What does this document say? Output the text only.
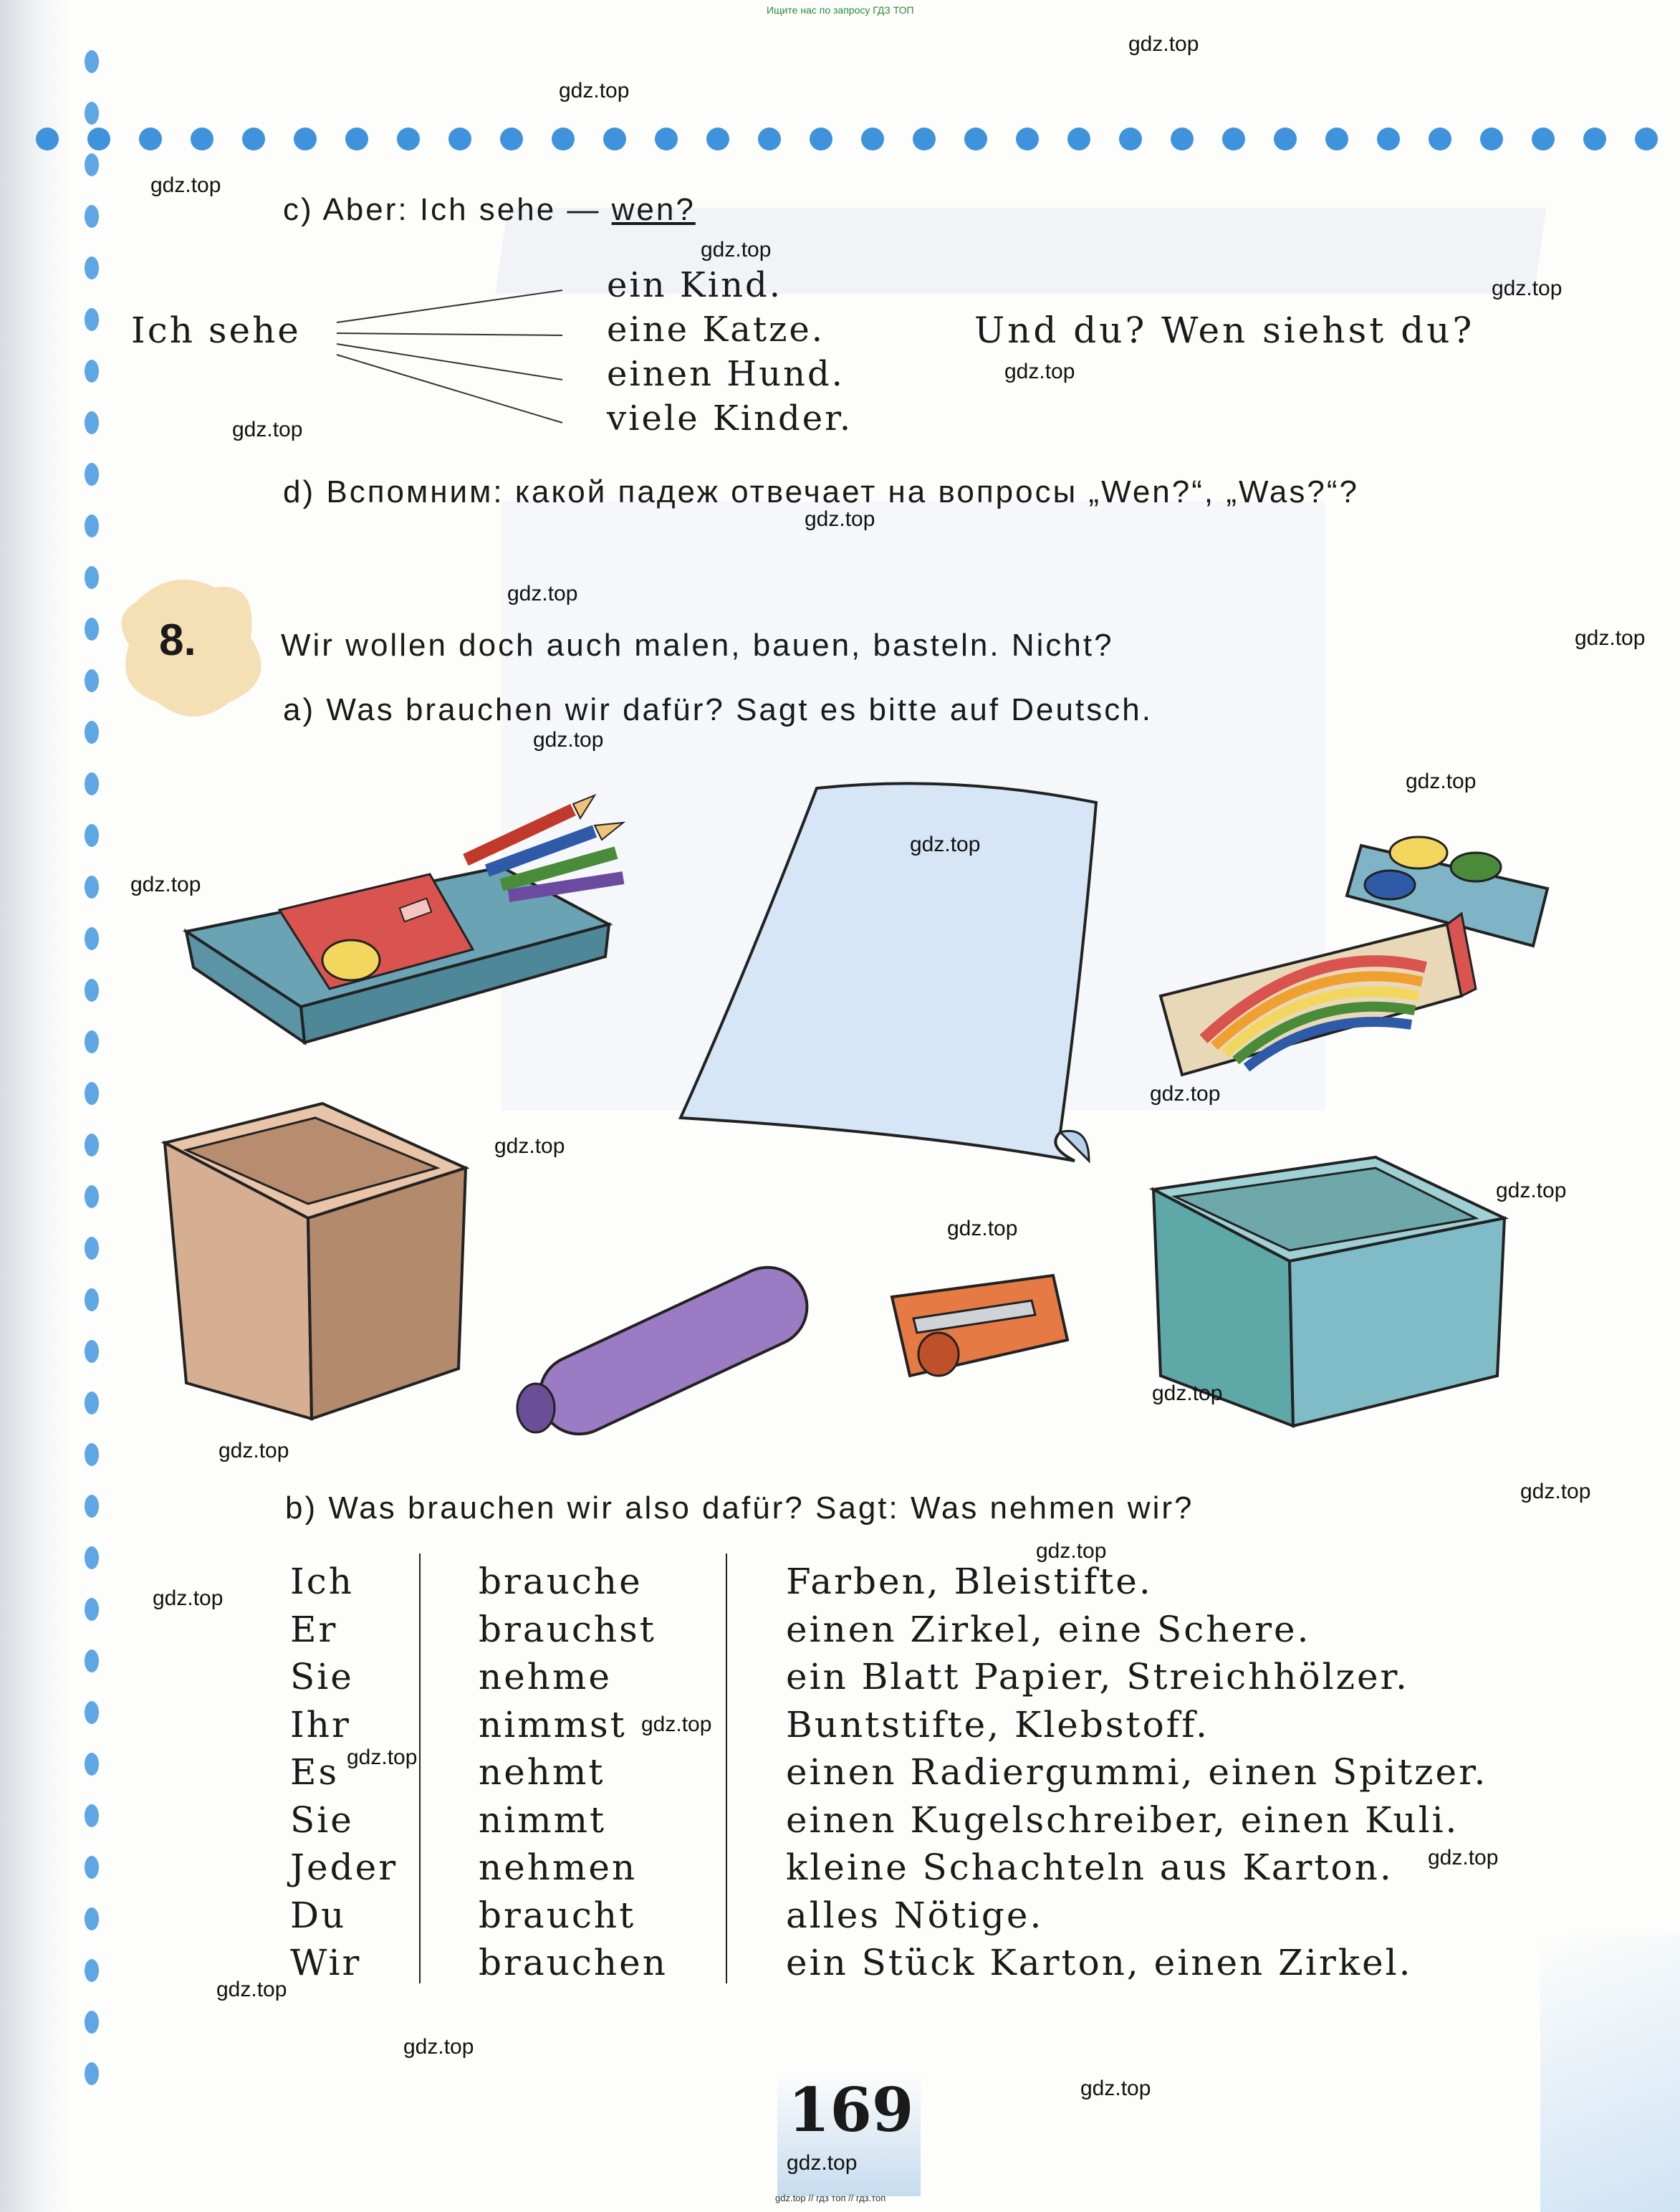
Ищите нас по запросу ГДЗ ТОП
c) Aber: Ich sehe — wen?
Ich sehe
ein Kind.
eine Katze.
einen Hund.
viele Kinder.
Und du? Wen siehst du?
d) Вспомним: какой падеж отвечает на вопросы „Wen?“, „Was?“?
8.	Wir wollen doch auch malen, bauen, basteln. Nicht?
a) Was brauchen wir dafür? Sagt es bitte auf Deutsch.
b) Was brauchen wir also dafür? Sagt: Was nehmen wir?
Ich
Er
Sie
Ihr
Es
Sie
Jeder
Du
Wir
brauche
brauchst
nehme
nimmst
nehmt
nimmt
nehmen
braucht
brauchen
Farben, Bleistifte.
einen Zirkel, eine Schere.
ein Blatt Papier, Streichhölzer.
Buntstifte, Klebstoff.
einen Radiergummi, einen Spitzer.
einen Kugelschreiber, einen Kuli.
kleine Schachteln aus Karton.
alles Nötige.
ein Stück Karton, einen Zirkel.
169
gdz.top // гдз топ // гдз.топ
gdz.top
gdz.top
gdz.top
gdz.top
gdz.top
gdz.top
gdz.top
gdz.top
gdz.top
gdz.top
gdz.top
gdz.top
gdz.top
gdz.top
gdz.top
gdz.top
gdz.top
gdz.top
gdz.top
gdz.top
gdz.top
gdz.top
gdz.top
gdz.top
gdz.top
gdz.top
gdz.top
gdz.top
gdz.top
gdz.top
